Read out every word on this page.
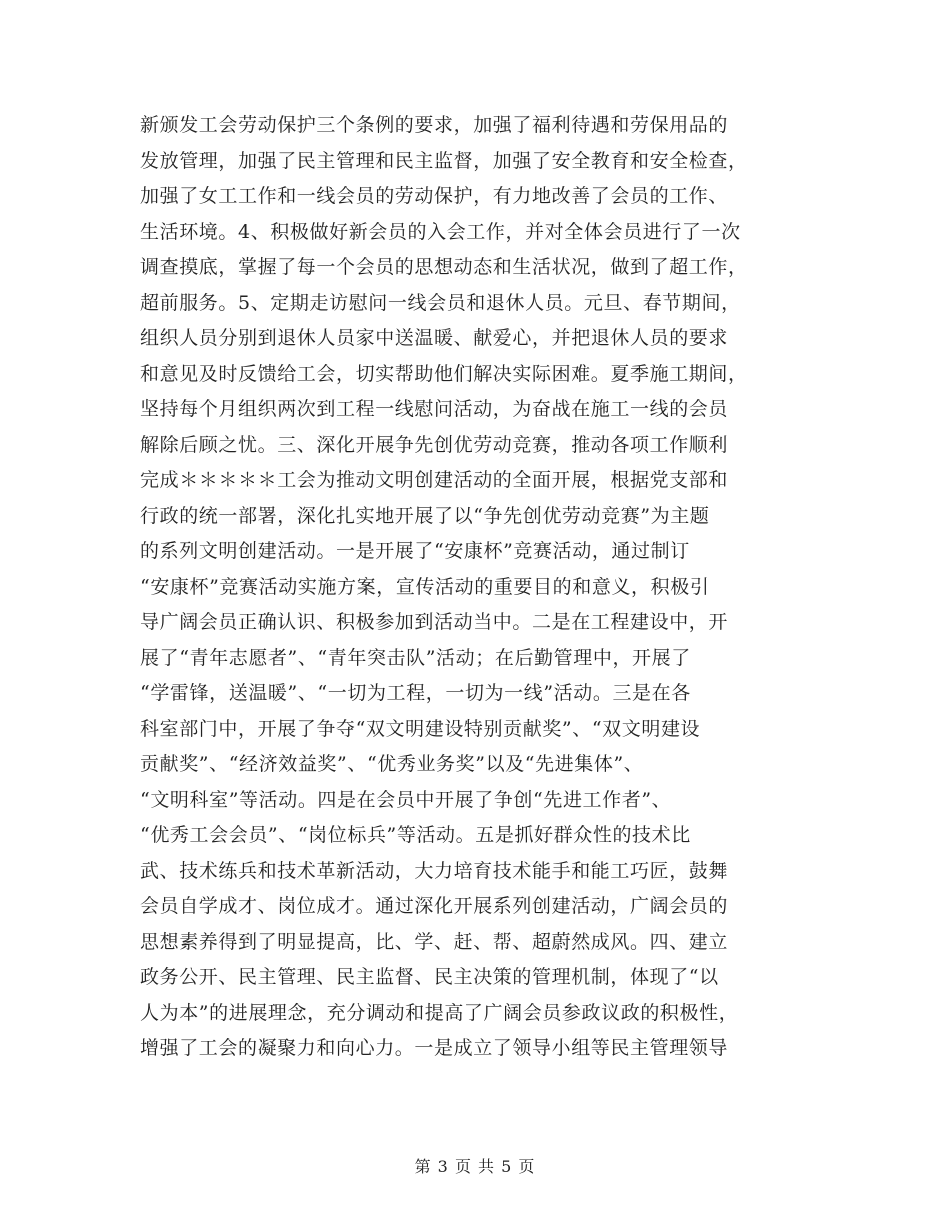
新颁发工会劳动保护三个条例的要求，加强了福利待遇和劳保用品的
发放管理，加强了民主管理和民主监督，加强了安全教育和安全检查，
加强了女工工作和一线会员的劳动保护，有力地改善了会员的工作、
生活环境。4、积极做好新会员的入会工作，并对全体会员进行了一次
调查摸底，掌握了每一个会员的思想动态和生活状况，做到了超工作，
超前服务。5、定期走访慰问一线会员和退休人员。元旦、春节期间，
组织人员分别到退休人员家中送温暖、献爱心，并把退休人员的要求
和意见及时反馈给工会，切实帮助他们解决实际困难。夏季施工期间，
坚持每个月组织两次到工程一线慰问活动，为奋战在施工一线的会员
解除后顾之忧。三、深化开展争先创优劳动竞赛，推动各项工作顺利
完成＊＊＊＊＊工会为推动文明创建活动的全面开展，根据党支部和
行政的统一部署，深化扎实地开展了以“争先创优劳动竞赛”为主题
的系列文明创建活动。一是开展了“安康杯”竞赛活动，通过制订
“安康杯”竞赛活动实施方案，宣传活动的重要目的和意义，积极引
导广阔会员正确认识、积极参加到活动当中。二是在工程建设中，开
展了“青年志愿者”、“青年突击队”活动；在后勤管理中，开展了
“学雷锋，送温暖”、“一切为工程，一切为一线”活动。三是在各
科室部门中，开展了争夺“双文明建设特别贡献奖”、“双文明建设
贡献奖”、“经济效益奖”、“优秀业务奖”以及“先进集体”、
“文明科室”等活动。四是在会员中开展了争创“先进工作者”、
“优秀工会会员”、“岗位标兵”等活动。五是抓好群众性的技术比
武、技术练兵和技术革新活动，大力培育技术能手和能工巧匠，鼓舞
会员自学成才、岗位成才。通过深化开展系列创建活动，广阔会员的
思想素养得到了明显提高，比、学、赶、帮、超蔚然成风。四、建立
政务公开、民主管理、民主监督、民主决策的管理机制，体现了“以
人为本”的进展理念，充分调动和提高了广阔会员参政议政的积极性，
增强了工会的凝聚力和向心力。一是成立了领导小组等民主管理领导
第 3 页 共 5 页
